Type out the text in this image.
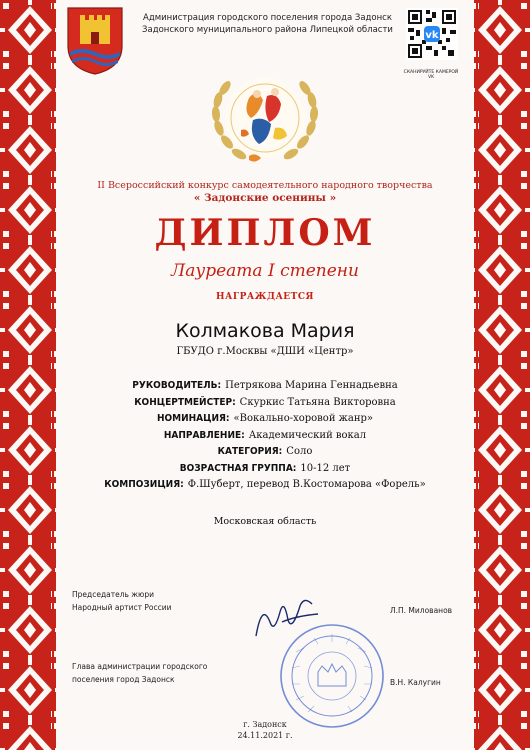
Администрация городского поселения города Задонск
Задонского муниципального района Липецкой области	vk
СКАНИРУЙТЕ КАМЕРОЙ VK
II Всероссийский конкурс самодеятельного народного творчества
« Задонские осенины »
ДИПЛОМ
Лауреата I степени
НАГРАЖДАЕТСЯ
Колмакова Мария
ГБУДО г.Москвы «ДШИ «Центр»
РУКОВОДИТЕЛЬ: Петрякова Марина Геннадьевна
КОНЦЕРТМЕЙСТЕР: Скуркис Татьяна Викторовна
НОМИНАЦИЯ: «Вокально-хоровой жанр»
НАПРАВЛЕНИЕ: Академический вокал
КАТЕГОРИЯ: Соло
ВОЗРАСТНАЯ ГРУППА: 10-12 лет
КОМПОЗИЦИЯ: Ф.Шуберт, перевод В.Костомарова «Форель»
Московская область
Председатель жюри
Народный артист России	Л.П. Милованов
Глава администрации городского
поселения город Задонск	В.Н. Калугин
г. Задонск
24.11.2021 г.
